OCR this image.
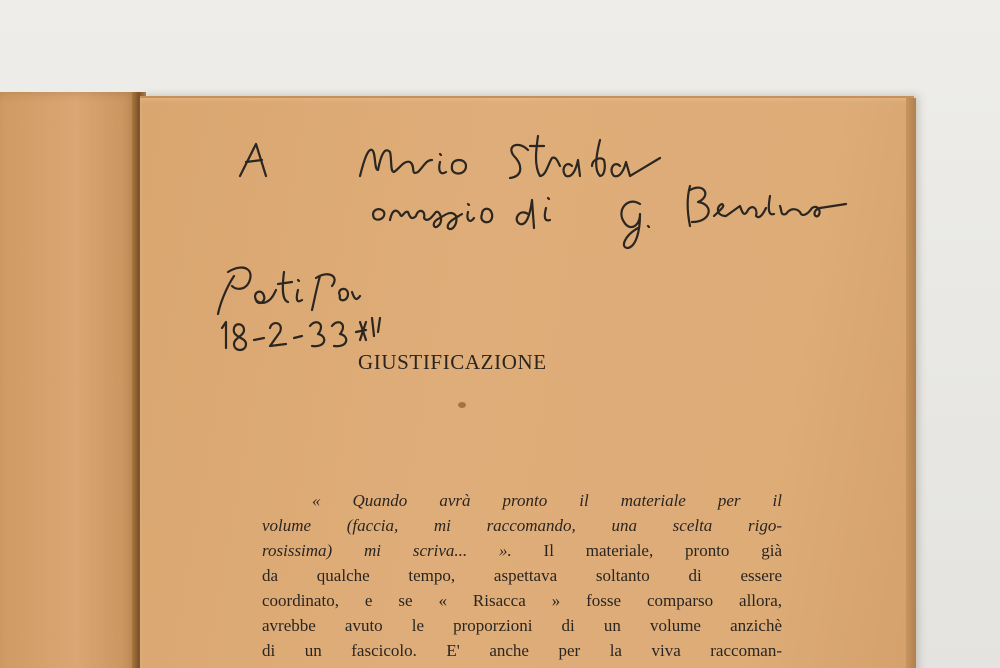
GIUSTIFICAZIONE
« Quando avrà pronto il materiale per il
volume (faccia, mi raccomando, una scelta rigo-
rosissima) mi scriva... ». Il materiale, pronto già
da qualche tempo, aspettava soltanto di essere
coordinato, e se « Risacca » fosse comparso allora,
avrebbe avuto le proporzioni di un volume anzichè
di un fascicolo. E' anche per la viva raccoman-
